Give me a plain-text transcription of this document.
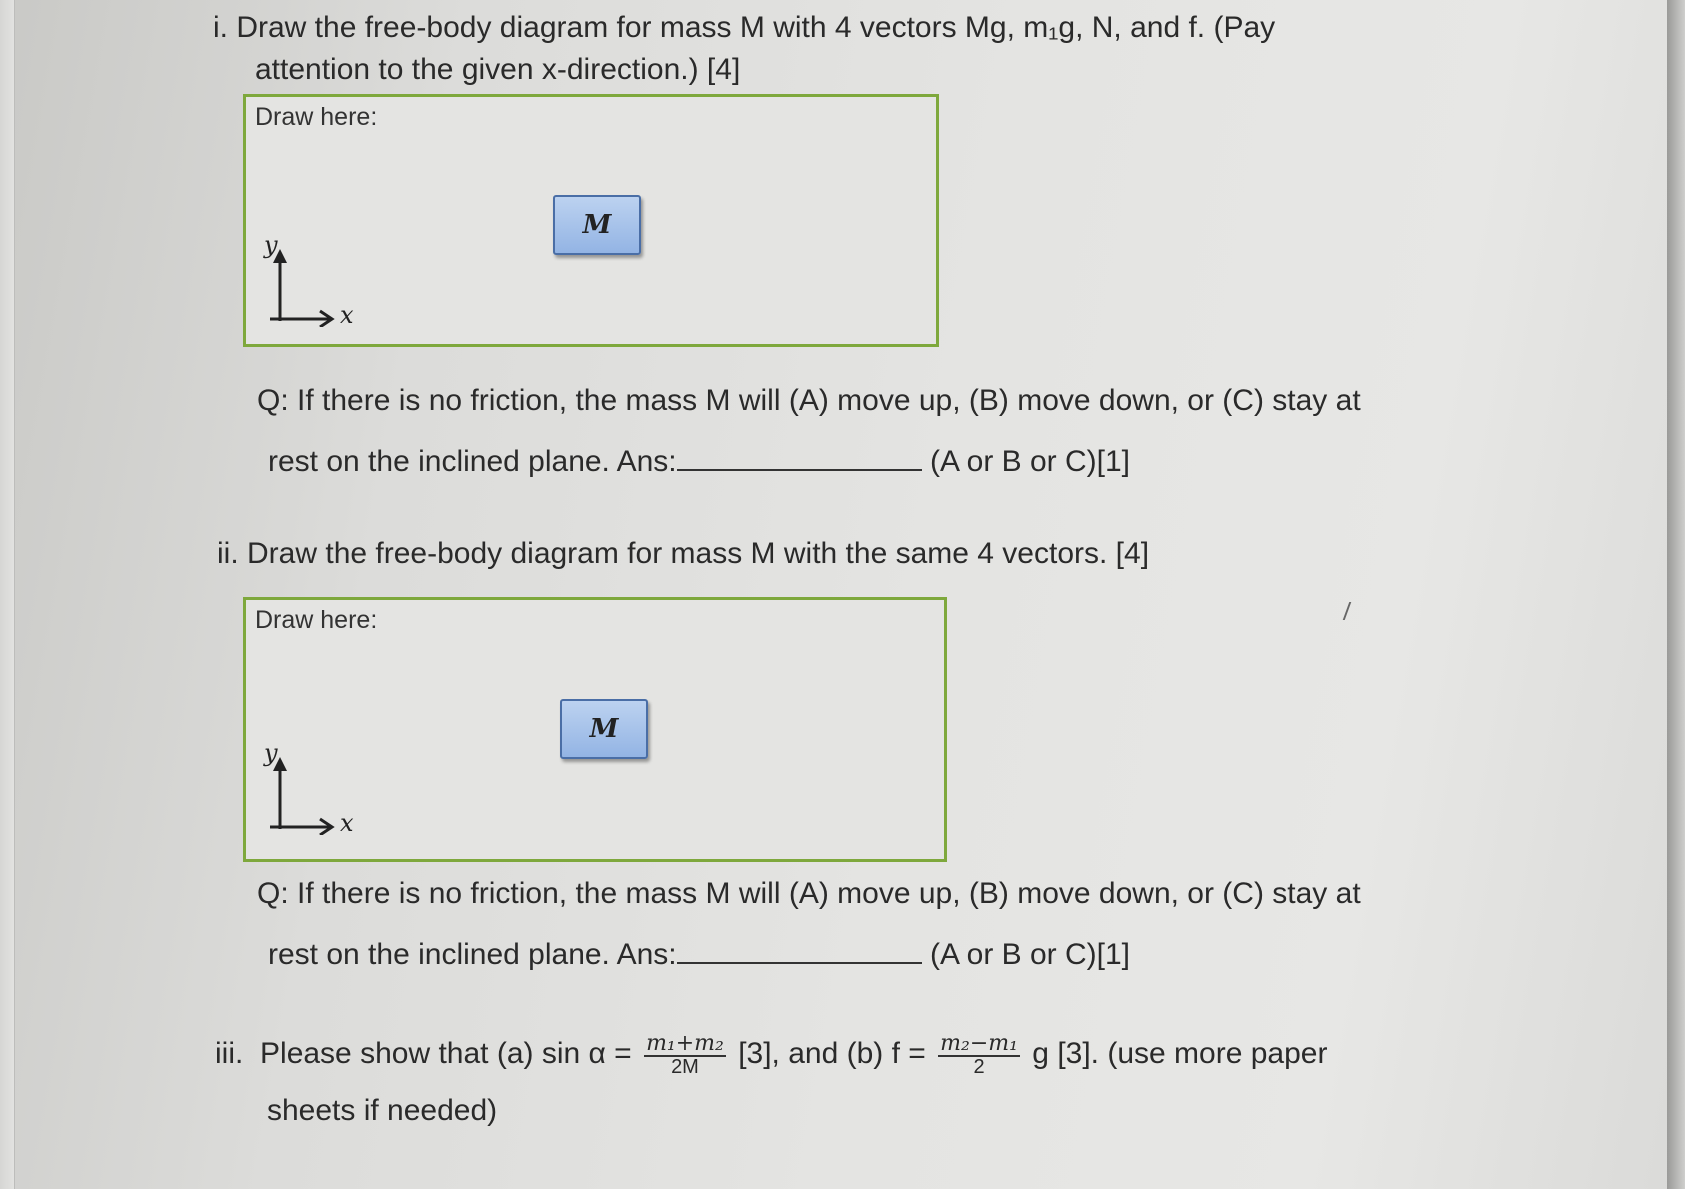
i. Draw the free-body diagram for mass M with 4 vectors Mg, m₁g, N, and f. (Pay
attention to the given x-direction.) [4]
Draw here:
M
y
x
Q: If there is no friction, the mass M will (A) move up, (B) move down, or (C) stay at
rest on the inclined plane. Ans:	(A or B or C)[1]
ii. Draw the free-body diagram for mass M with the same 4 vectors. [4]
Draw here:
M
y
x
Q: If there is no friction, the mass M will (A) move up, (B) move down, or (C) stay at
rest on the inclined plane. Ans:	(A or B or C)[1]
iii. Please show that (a) $\sin \alpha = \frac{\text{m₁+m₂}}{2M} [3]$, and (b) $f = \frac{\text{m₂−m₁}}{2}$ g [3]. (use more paper
sheets if needed)
